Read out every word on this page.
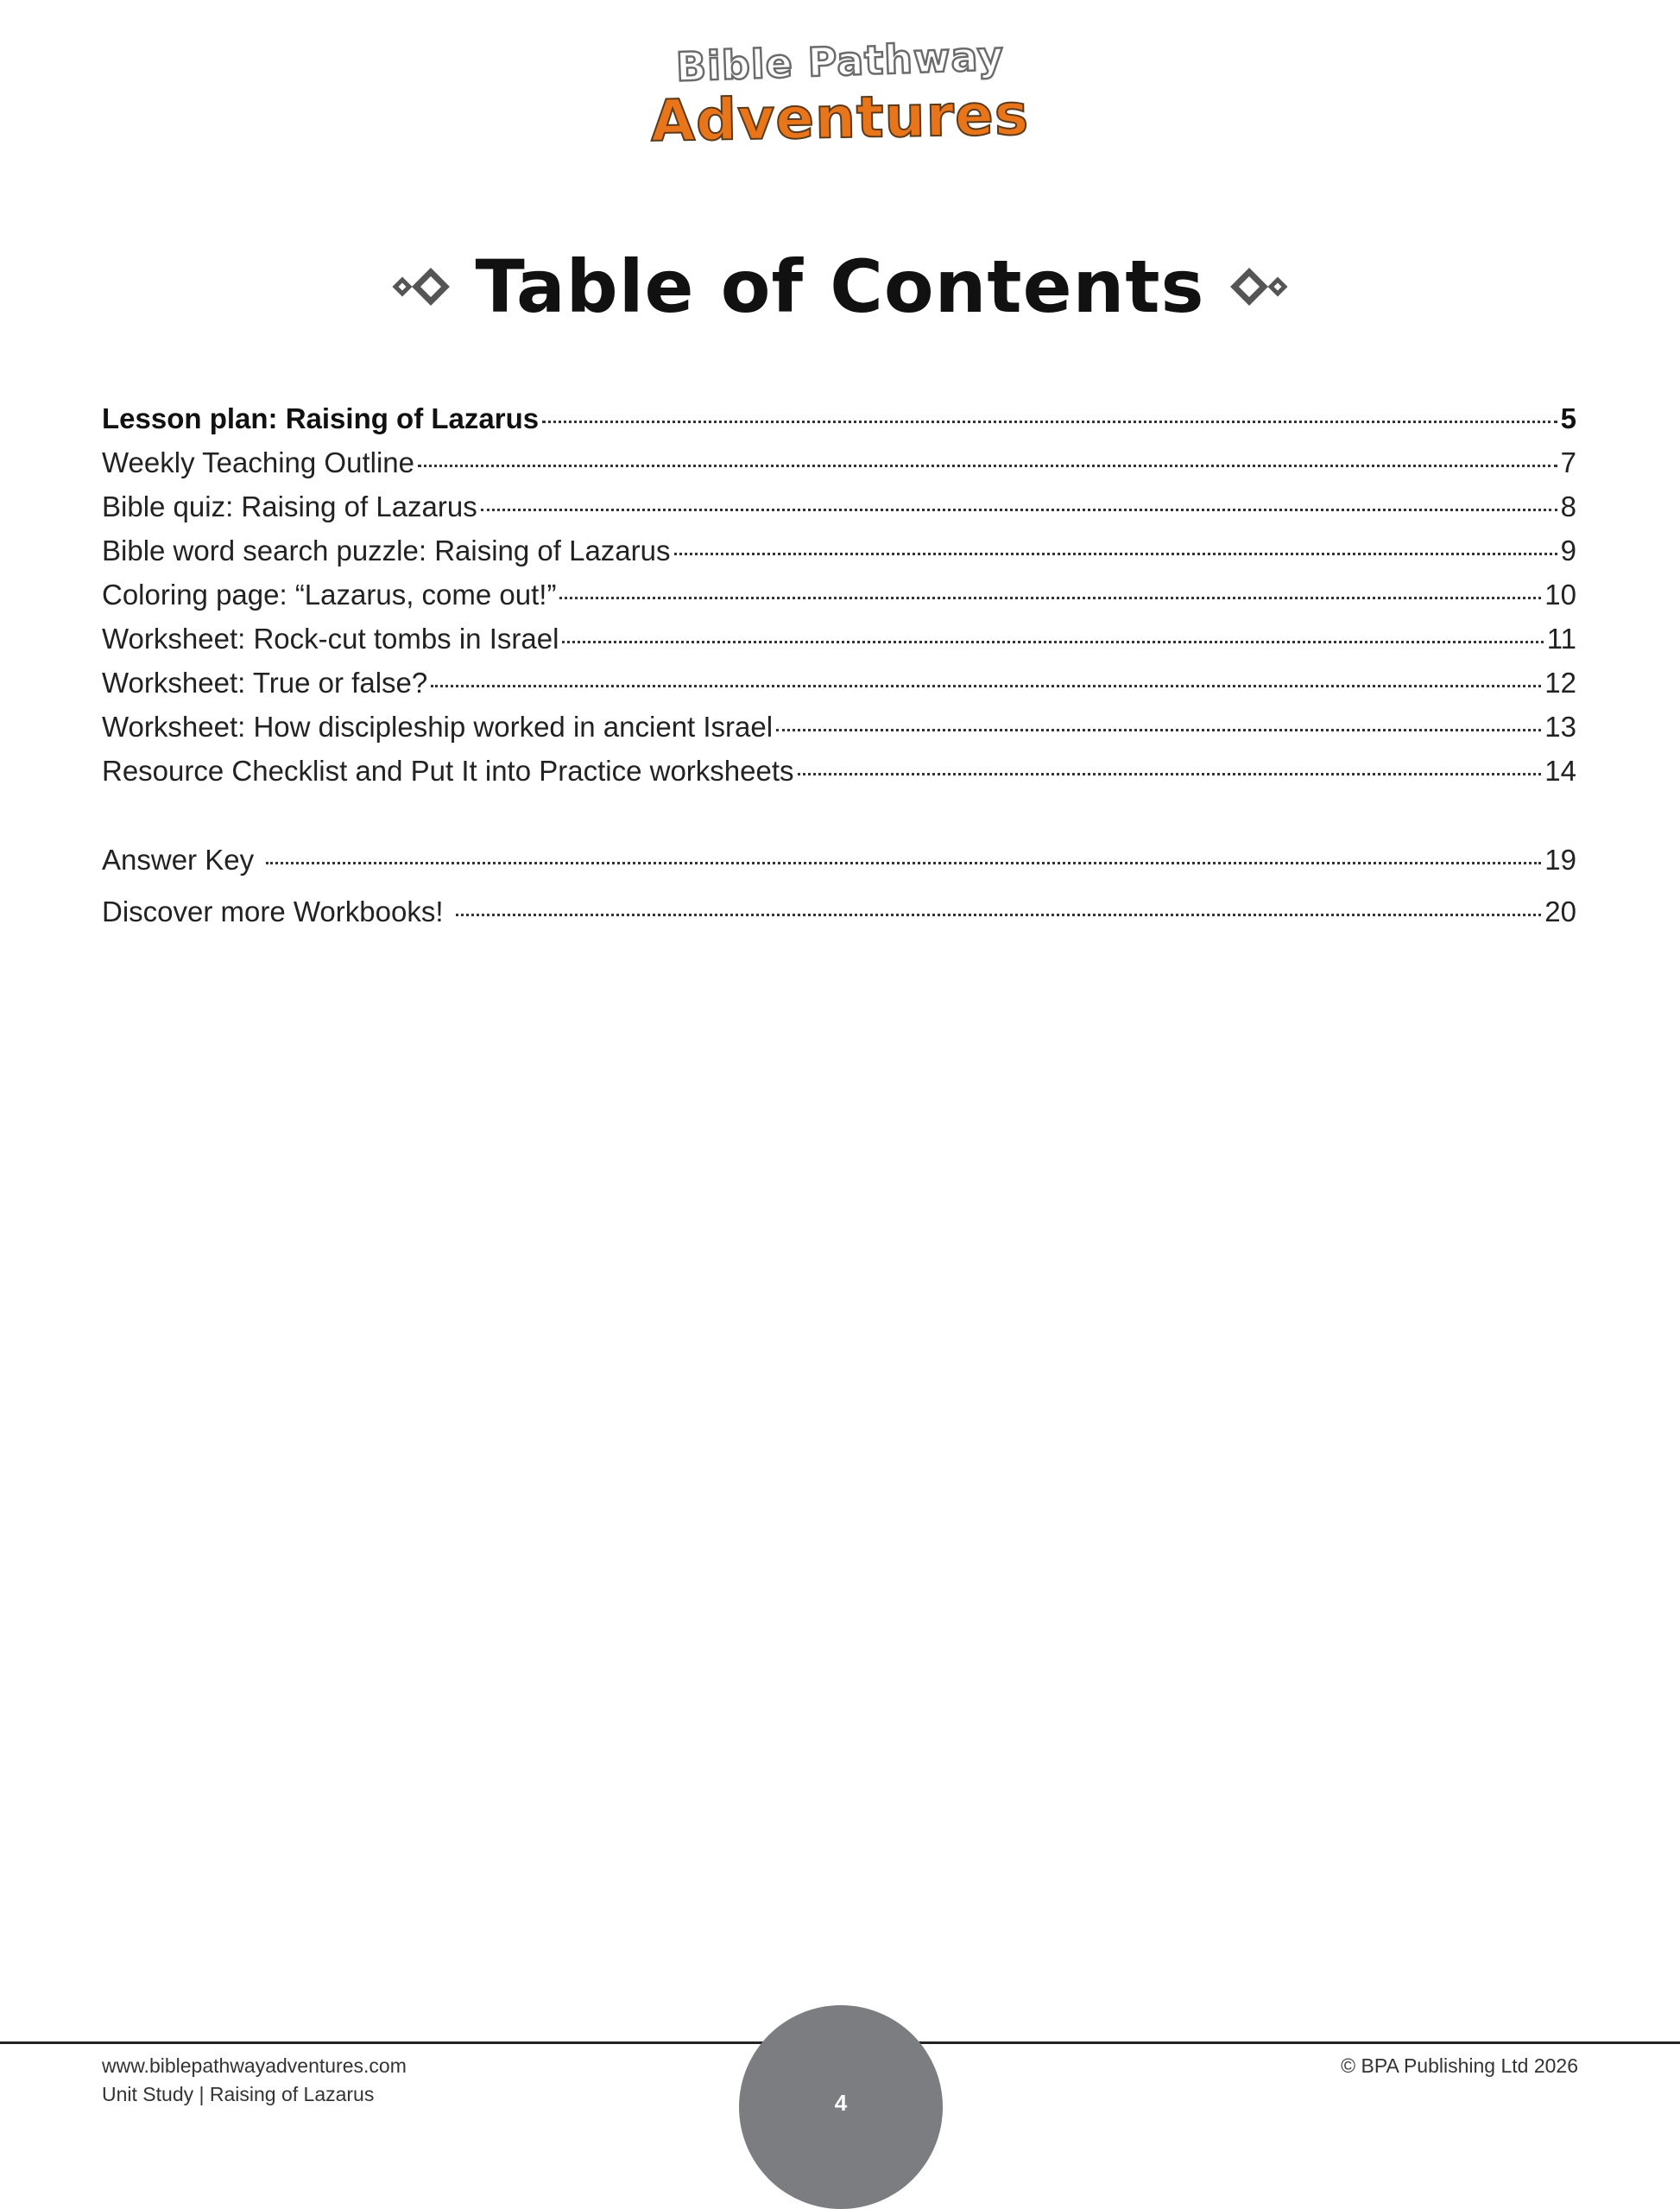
Bible Pathway
Adventures
Table of Contents
Lesson plan: Raising of Lazarus	5
Weekly Teaching Outline	7
Bible quiz: Raising of Lazarus	8
Bible word search puzzle: Raising of Lazarus	9
Coloring page: “Lazarus, come out!”	10
Worksheet: Rock-cut tombs in Israel	11
Worksheet: True or false?	12
Worksheet: How discipleship worked in ancient Israel	13
Resource Checklist and Put It into Practice worksheets	14
Answer Key	19
Discover more Workbooks!	20
4
www.biblepathwayadventures.com
Unit Study | Raising of Lazarus
© BPA Publishing Ltd 2026
